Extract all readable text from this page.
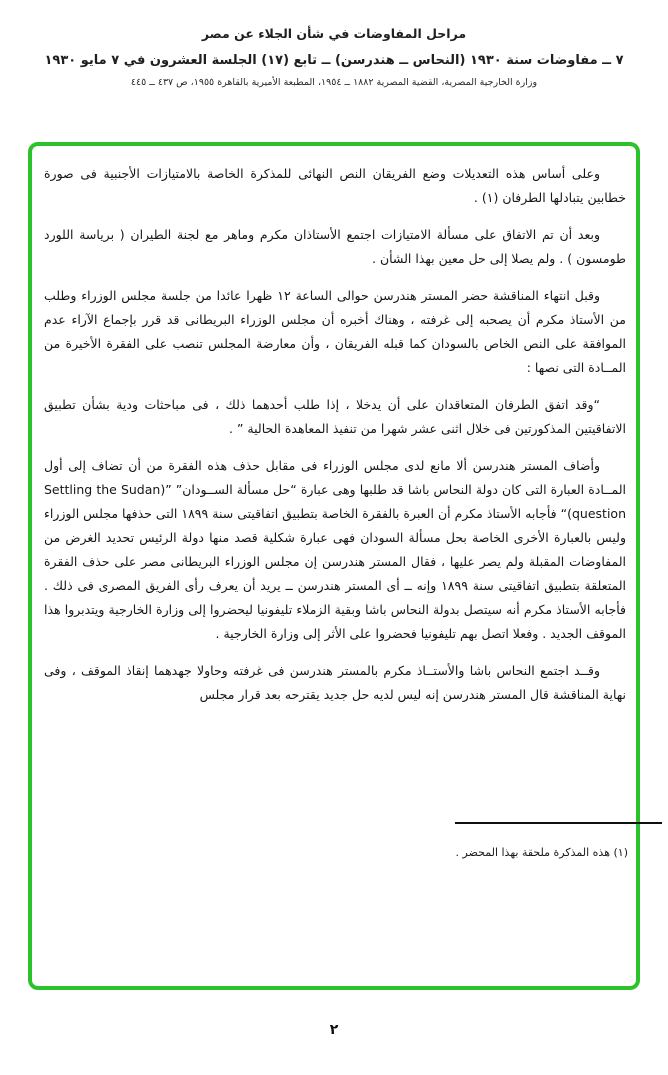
مراحل المفاوضات في شأن الجلاء عن مصر
٧ ــ مفاوضات سنة ١٩٣٠ (النحاس ــ هندرسن) ــ تابع (١٧) الجلسة العشرون في ٧ مايو ١٩٣٠
وزارة الخارجية المصرية، القضية المصرية ١٨٨٢ ــ ١٩٥٤، المطبعة الأميرية بالقاهرة ١٩٥٥، ص ٤٣٧ ــ ٤٤٥
وعلى أساس هذه التعديلات وضع الفريقان النص النهائى للمذكرة الخاصة بالامتيازات الأجنبية فى صورة خطابين يتبادلها الطرفان (١) .
وبعد أن تم الاتفاق على مسألة الامتيازات اجتمع الأستاذان مكرم وماهر مع لجنة الطيران ( برياسة اللورد طومسون ) . ولم يصلا إلى حل معين بهذا الشأن .
وقبل انتهاء المناقشة حضر المستر هندرسن حوالى الساعة ١٢ ظهرا عائدا من جلسة مجلس الوزراء وطلب من الأستاذ مكرم أن يصحبه إلى غرفته ، وهناك أخبره أن مجلس الوزراء البريطانى قد قرر بإجماع الآراء عدم الموافقة على النص الخاص بالسودان كما قبله الفريقان ، وأن معارضة المجلس تنصب على الفقرة الأخيرة من المــادة التى نصها :
“وقد اتفق الطرفان المتعاقدان على أن يدخلا ، إذا طلب أحدهما ذلك ، فى مباحثات ودية بشأن تطبيق الاتفاقيتين المذكورتين فى خلال اثنى عشر شهرا من تنفيذ المعاهدة الحالية ” .
وأضاف المستر هندرسن ألا مانع لدى مجلس الوزراء فى مقابل حذف هذه الفقرة من أن تضاف إلى أول المــادة العبارة التى كان دولة النحاس باشا قد طلبها وهى عبارة “حل مسألة الســودان” ”(Settling the Sudan question)“ فأجابه الأستاذ مكرم أن العبرة بالفقرة الخاصة بتطبيق اتفاقيتى سنة ١٨٩٩ التى حذفها مجلس الوزراء وليس بالعبارة الأخرى الخاصة بحل مسألة السودان فهى عبارة شكلية قصد منها دولة الرئيس تحديد الغرض من المفاوضات المقبلة ولم يصر عليها ، فقال المستر هندرسن إن مجلس الوزراء البريطانى مصر على حذف الفقرة المتعلقة بتطبيق اتفاقيتى سنة ١٨٩٩ وإنه ــ أى المستر هندرسن ــ يريد أن يعرف رأى الفريق المصرى فى ذلك . فأجابه الأستاذ مكرم أنه سيتصل بدولة النحاس باشا وبقية الزملاء تليفونيا ليحضروا إلى وزارة الخارجية ويتدبروا هذا الموقف الجديد . وفعلا اتصل بهم تليفونيا فحضروا على الأثر إلى وزارة الخارجية .
وقــد اجتمع النحاس باشا والأستــاذ مكرم بالمستر هندرسن فى غرفته وحاولا جهدهما إنقاذ الموقف ، وفى نهاية المناقشة قال المستر هندرسن إنه ليس لديه حل جديد يقترحه بعد قرار مجلس
(١) هذه المذكرة ملحقة بهذا المحضر .
٢
